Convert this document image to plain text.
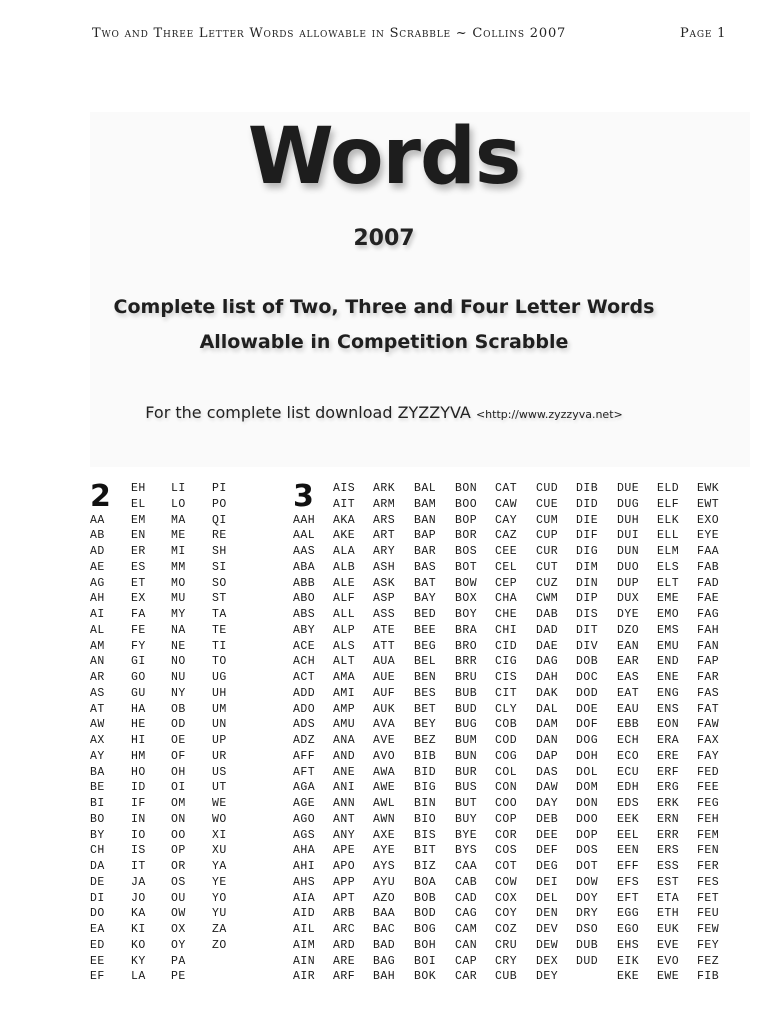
Two and Three Letter Words allowable in Scrabble ~ Collins 2007	Page 1
Words
2007
Complete list of Two, Three and Four Letter Words
Allowable in Competition Scrabble
For the complete list download ZYZZYVA <http://www.zyzzyva.net>
2	3
AA
AB
AD
AE
AG
AH
AI
AL
AM
AN
AR
AS
AT
AW
AX
AY
BA
BE
BI
BO
BY
CH
DA
DE
DI
DO
EA
ED
EE
EF
EH
EL
EM
EN
ER
ES
ET
EX
FA
FE
FY
GI
GO
GU
HA
HE
HI
HM
HO
ID
IF
IN
IO
IS
IT
JA
JO
KA
KI
KO
KY
LA
LI
LO
MA
ME
MI
MM
MO
MU
MY
NA
NE
NO
NU
NY
OB
OD
OE
OF
OH
OI
OM
ON
OO
OP
OR
OS
OU
OW
OX
OY
PA
PE
PI
PO
QI
RE
SH
SI
SO
ST
TA
TE
TI
TO
UG
UH
UM
UN
UP
UR
US
UT
WE
WO
XI
XU
YA
YE
YO
YU
ZA
ZO
AAH
AAL
AAS
ABA
ABB
ABO
ABS
ABY
ACE
ACH
ACT
ADD
ADO
ADS
ADZ
AFF
AFT
AGA
AGE
AGO
AGS
AHA
AHI
AHS
AIA
AID
AIL
AIM
AIN
AIR
AIS
AIT
AKA
AKE
ALA
ALB
ALE
ALF
ALL
ALP
ALS
ALT
AMA
AMI
AMP
AMU
ANA
AND
ANE
ANI
ANN
ANT
ANY
APE
APO
APP
APT
ARB
ARC
ARD
ARE
ARF
ARK
ARM
ARS
ART
ARY
ASH
ASK
ASP
ASS
ATE
ATT
AUA
AUE
AUF
AUK
AVA
AVE
AVO
AWA
AWE
AWL
AWN
AXE
AYE
AYS
AYU
AZO
BAA
BAC
BAD
BAG
BAH
BAL
BAM
BAN
BAP
BAR
BAS
BAT
BAY
BED
BEE
BEG
BEL
BEN
BES
BET
BEY
BEZ
BIB
BID
BIG
BIN
BIO
BIS
BIT
BIZ
BOA
BOB
BOD
BOG
BOH
BOI
BOK
BON
BOO
BOP
BOR
BOS
BOT
BOW
BOX
BOY
BRA
BRO
BRR
BRU
BUB
BUD
BUG
BUM
BUN
BUR
BUS
BUT
BUY
BYE
BYS
CAA
CAB
CAD
CAG
CAM
CAN
CAP
CAR
CAT
CAW
CAY
CAZ
CEE
CEL
CEP
CHA
CHE
CHI
CID
CIG
CIS
CIT
CLY
COB
COD
COG
COL
CON
COO
COP
COR
COS
COT
COW
COX
COY
COZ
CRU
CRY
CUB
CUD
CUE
CUM
CUP
CUR
CUT
CUZ
CWM
DAB
DAD
DAE
DAG
DAH
DAK
DAL
DAM
DAN
DAP
DAS
DAW
DAY
DEB
DEE
DEF
DEG
DEI
DEL
DEN
DEV
DEW
DEX
DEY
DIB
DID
DIE
DIF
DIG
DIM
DIN
DIP
DIS
DIT
DIV
DOB
DOC
DOD
DOE
DOF
DOG
DOH
DOL
DOM
DON
DOO
DOP
DOS
DOT
DOW
DOY
DRY
DSO
DUB
DUD
DUE
DUG
DUH
DUI
DUN
DUO
DUP
DUX
DYE
DZO
EAN
EAR
EAS
EAT
EAU
EBB
ECH
ECO
ECU
EDH
EDS
EEK
EEL
EEN
EFF
EFS
EFT
EGG
EGO
EHS
EIK
EKE
ELD
ELF
ELK
ELL
ELM
ELS
ELT
EME
EMO
EMS
EMU
END
ENE
ENG
ENS
EON
ERA
ERE
ERF
ERG
ERK
ERN
ERR
ERS
ESS
EST
ETA
ETH
EUK
EVE
EVO
EWE
EWK
EWT
EXO
EYE
FAA
FAB
FAD
FAE
FAG
FAH
FAN
FAP
FAR
FAS
FAT
FAW
FAX
FAY
FED
FEE
FEG
FEH
FEM
FEN
FER
FES
FET
FEU
FEW
FEY
FEZ
FIB
